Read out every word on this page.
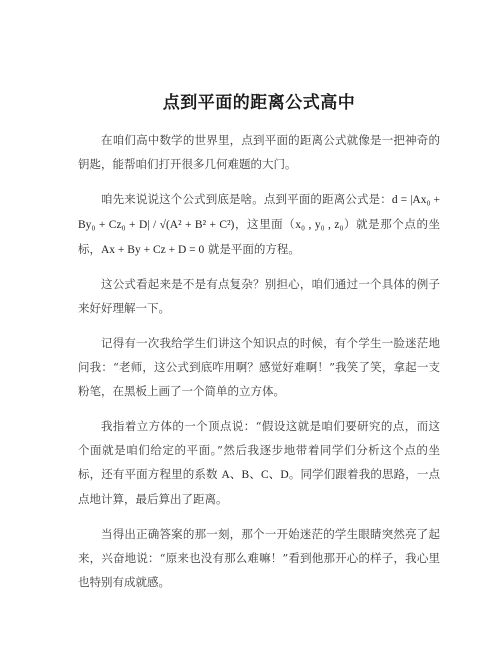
点到平面的距离公式高中

在咱们高中数学的世界里，点到平面的距离公式就像是一把神奇的钥匙，能帮咱们打开很多几何难题的大门。

咱先来说说这个公式到底是啥。点到平面的距离公式是：d = |Ax₀ + By₀ + Cz₀ + D| / √(A² + B² + C²)，这里面（x₀ , y₀ , z₀）就是那个点的坐标，Ax + By + Cz + D = 0 就是平面的方程。

这公式看起来是不是有点复杂？别担心，咱们通过一个具体的例子来好好理解一下。

记得有一次我给学生们讲这个知识点的时候，有个学生一脸迷茫地问我：“老师，这公式到底咋用啊？感觉好难啊！”我笑了笑，拿起一支粉笔，在黑板上画了一个简单的立方体。

我指着立方体的一个顶点说：“假设这就是咱们要研究的点，而这个面就是咱们给定的平面。”然后我逐步地带着同学们分析这个点的坐标，还有平面方程里的系数 A、B、C、D。同学们跟着我的思路，一点点地计算，最后算出了距离。

当得出正确答案的那一刻，那个一开始迷茫的学生眼睛突然亮了起来，兴奋地说：“原来也没有那么难嘛！”看到他那开心的样子，我心里也特别有成就感。
